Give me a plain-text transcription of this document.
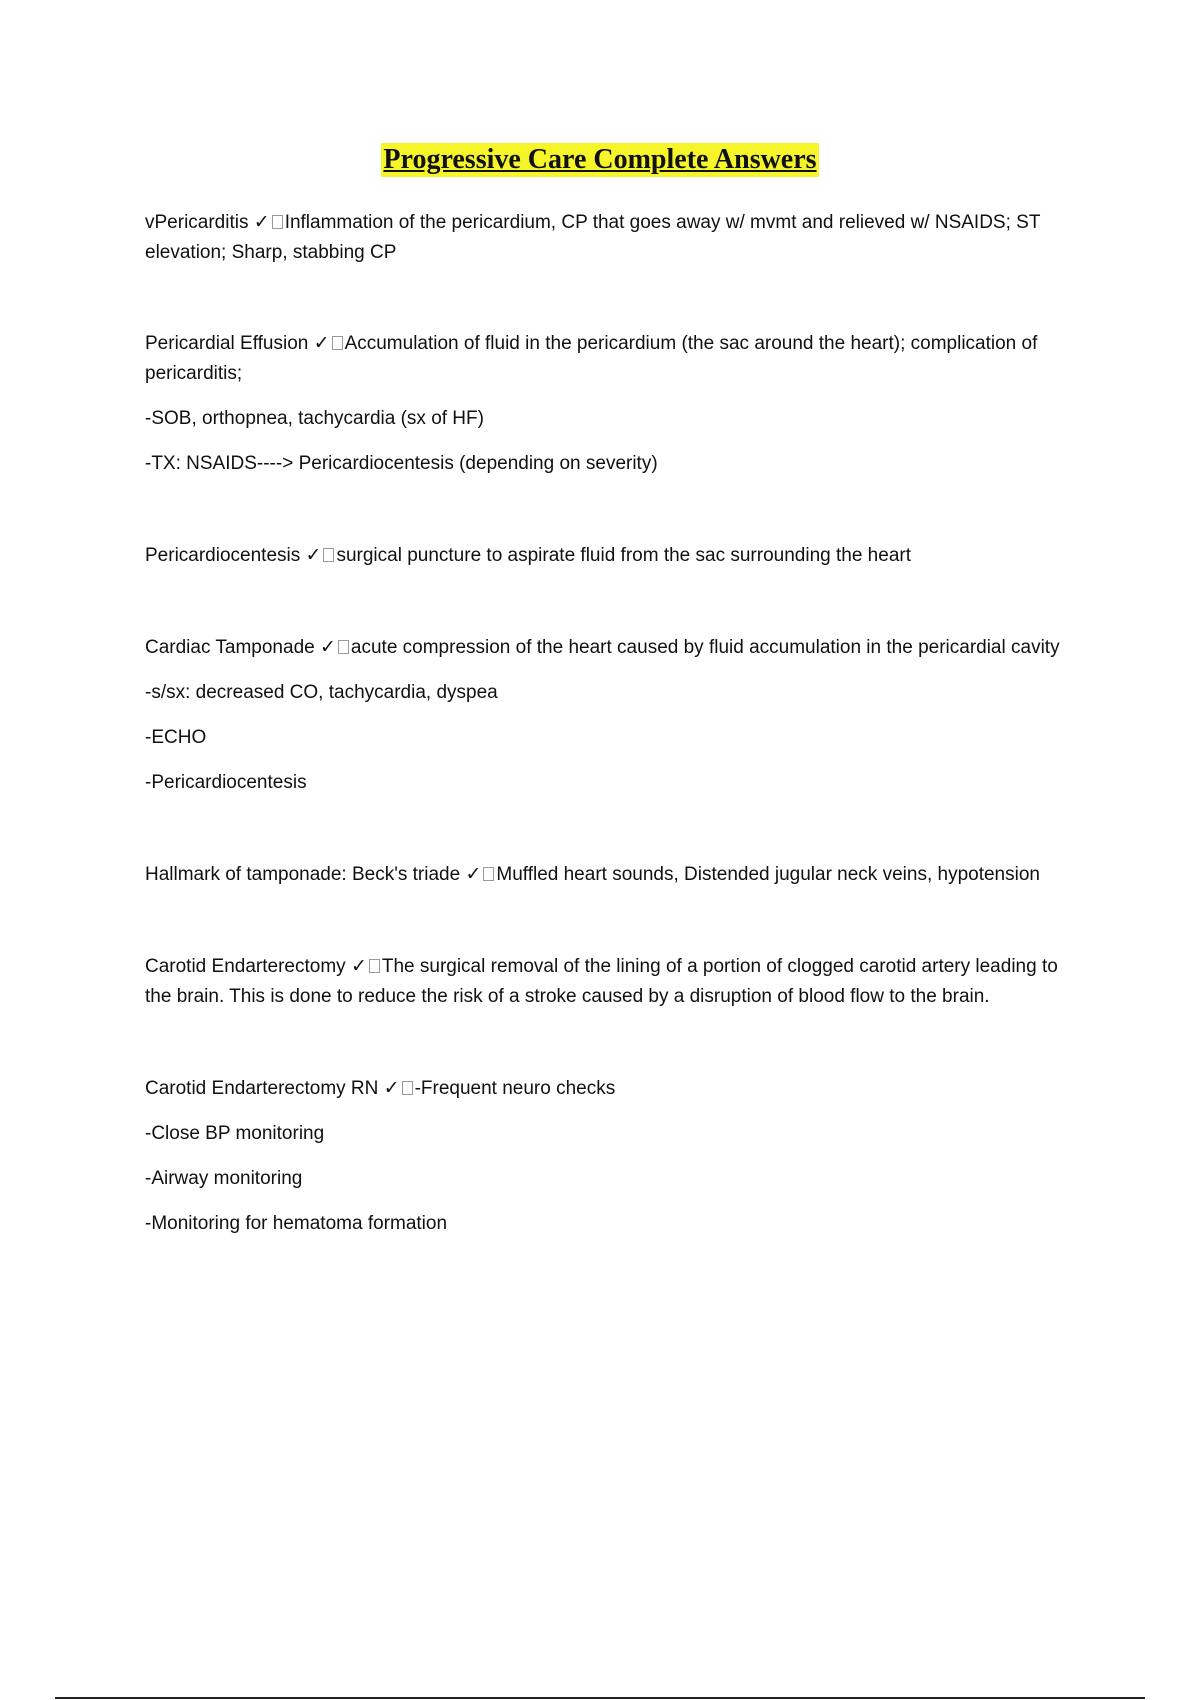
Progressive Care Complete Answers

vPericarditis ✓ Inflammation of the pericardium, CP that goes away w/ mvmt and relieved w/ NSAIDS; ST elevation; Sharp, stabbing CP

Pericardial Effusion ✓ Accumulation of fluid in the pericardium (the sac around the heart); complication of pericarditis;

-SOB, orthopnea, tachycardia (sx of HF)

-TX: NSAIDS----> Pericardiocentesis (depending on severity)

Pericardiocentesis ✓ surgical puncture to aspirate fluid from the sac surrounding the heart

Cardiac Tamponade ✓ acute compression of the heart caused by fluid accumulation in the pericardial cavity

-s/sx: decreased CO, tachycardia, dyspea

-ECHO

-Pericardiocentesis

Hallmark of tamponade: Beck's triade ✓ Muffled heart sounds, Distended jugular neck veins, hypotension

Carotid Endarterectomy ✓ The surgical removal of the lining of a portion of clogged carotid artery leading to the brain. This is done to reduce the risk of a stroke caused by a disruption of blood flow to the brain.

Carotid Endarterectomy RN ✓ -Frequent neuro checks

-Close BP monitoring

-Airway monitoring

-Monitoring for hematoma formation
